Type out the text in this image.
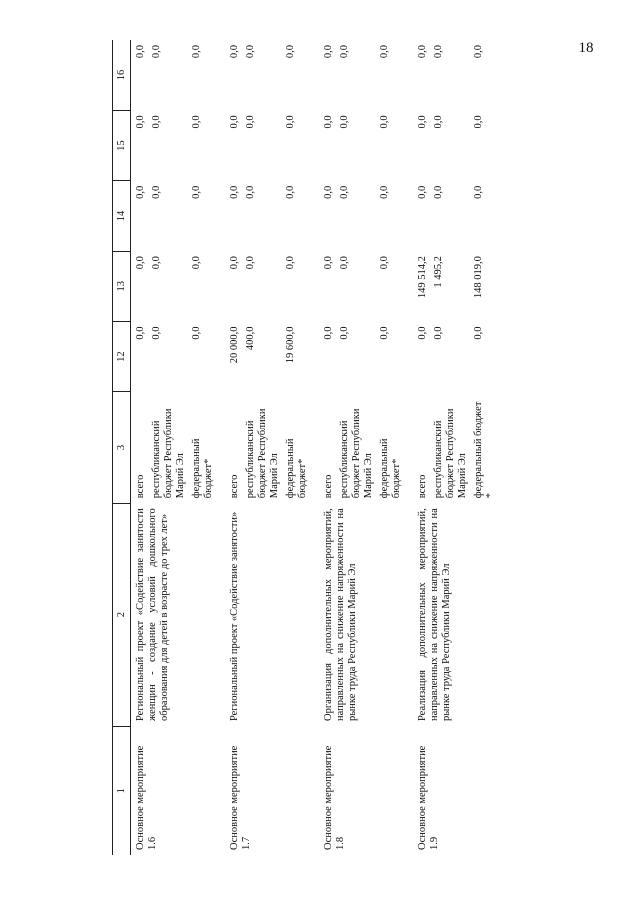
18
1	2	3	12	13	14	15	16
Основное мероприятие 1.6	Региональный проект «Содействие занятости женщин - создание условий дошкольного образования для детей в возрасте до трех лет»	всего	0,0	0,0	0,0	0,0	0,0
		республиканский бюджет Республики Марий Эл	0,0	0,0	0,0	0,0	0,0
		федеральный бюджет*	0,0	0,0	0,0	0,0	0,0
Основное мероприятие 1.7	Региональный проект «Содействие занятости»	всего	20 000,0	0,0	0,0	0,0	0,0
		республиканский бюджет Республики Марий Эл	400,0	0,0	0,0	0,0	0,0
		федеральный бюджет*	19 600,0	0,0	0,0	0,0	0,0
Основное мероприятие 1.8	Организация дополнительных мероприятий, направленных на снижение напряженности на рынке труда Республики Марий Эл	всего	0,0	0,0	0,0	0,0	0,0
		республиканский бюджет Республики Марий Эл	0,0	0,0	0,0	0,0	0,0
		федеральный бюджет*	0,0	0,0	0,0	0,0	0,0
Основное мероприятие 1.9	Реализация дополнительных мероприятий, направленных на снижение напряженности на рынке труда Республики Марий Эл	всего	0,0	149 514,2	0,0	0,0	0,0
		республиканский бюджет Республики Марий Эл	0,0	1 495,2	0,0	0,0	0,0
		федеральный бюджет *	0,0	148 019,0	0,0	0,0	0,0
